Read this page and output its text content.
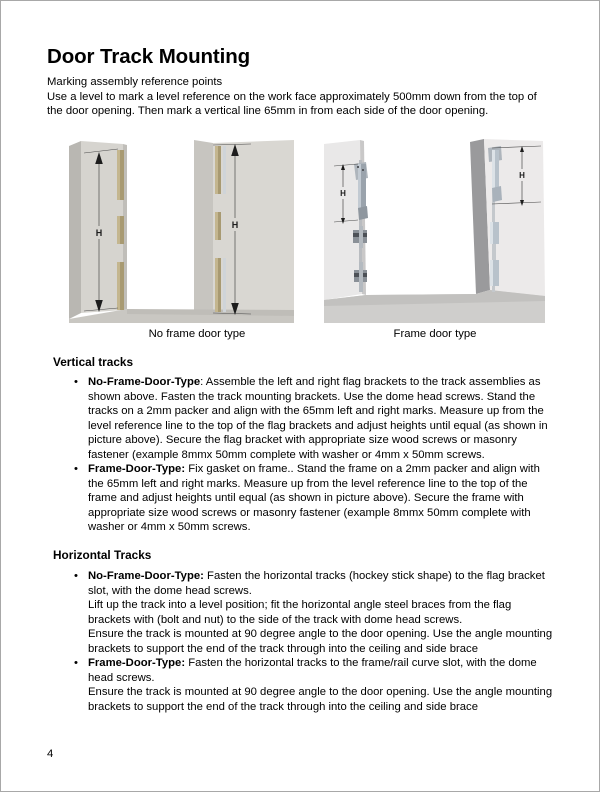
Door Track Mounting
Marking assembly reference points
Use a level to mark a level reference on the work face approximately 500mm down from the top of the door opening. Then mark a vertical line 65mm in from each side of the door opening.
H
H
H
H
No frame door type	Frame door type
Vertical tracks
• No-Frame-Door-Type: Assemble the left and right flag brackets to the track assemblies as shown above. Fasten the track mounting brackets. Use the dome head screws. Stand the tracks on a 2mm packer and align with the 65mm left and right marks. Measure up from the level reference line to the top of the flag brackets and adjust heights until equal (as shown in picture above). Secure the flag bracket with appropriate size wood screws or masonry fastener (example 8mmx 50mm complete with washer or 4mm x 50mm screws.
• Frame-Door-Type: Fix gasket on frame.. Stand the frame on a 2mm packer and align with the 65mm left and right marks. Measure up from the level reference line to the top of the frame and adjust heights until equal (as shown in picture above). Secure the frame with appropriate size wood screws or masonry fastener (example 8mmx 50mm complete with washer or 4mm x 50mm screws.
Horizontal Tracks
• No-Frame-Door-Type: Fasten the horizontal tracks (hockey stick shape) to the flag bracket slot, with the dome head screws.
Lift up the track into a level position; fit the horizontal angle steel braces from the flag brackets with (bolt and nut) to the side of the track with dome head screws.
Ensure the track is mounted at 90 degree angle to the door opening. Use the angle mounting brackets to support the end of the track through into the ceiling and side brace
• Frame-Door-Type: Fasten the horizontal tracks to the frame/rail curve slot, with the dome head screws.
Ensure the track is mounted at 90 degree angle to the door opening. Use the angle mounting brackets to support the end of the track through into the ceiling and side brace
4
